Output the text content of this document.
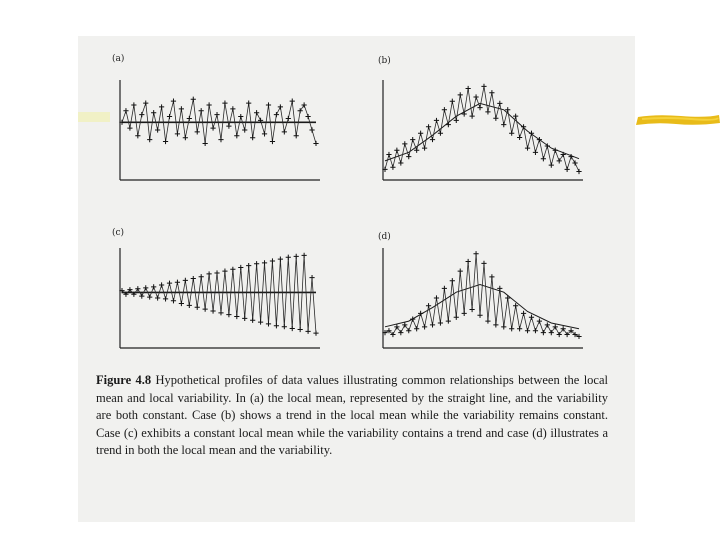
(a)	(b)
(c)	(d)
Figure 4.8 Hypothetical profiles of data values illustrating common relationships between the local mean and local variability. In (a) the local mean, represented by the straight line, and the variability are both constant. Case (b) shows a trend in the local mean while the variability remains constant. Case (c) exhibits a constant local mean while the variability contains a trend and case (d) illustrates a trend in both the local mean and the variability.
